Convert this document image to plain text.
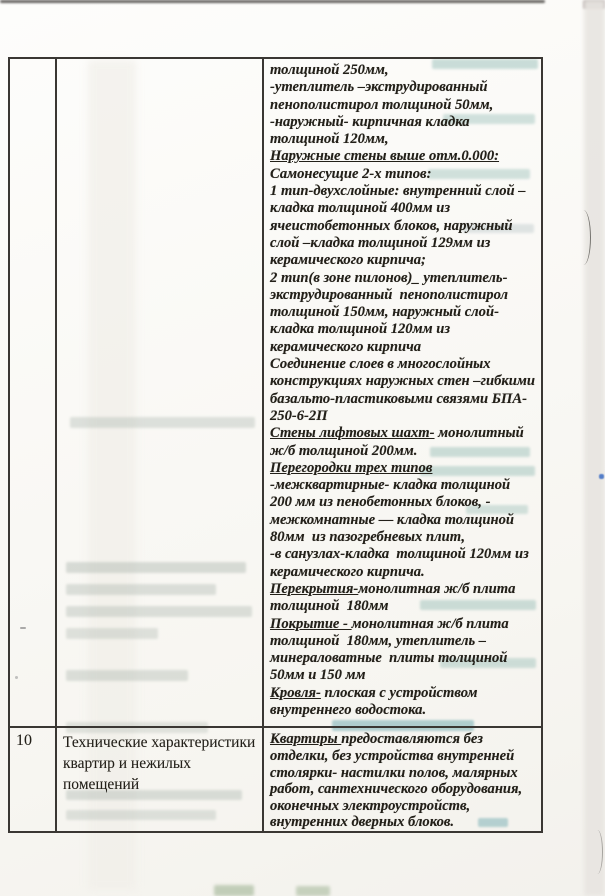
толщиной 250мм,
-утеплитель –экструдированный
пенополистирол толщиной 50мм,
-наружный- кирпичная кладка
толщиной 120мм,
Наружные стены выше отм.0.000:
Самонесущие 2-х типов:
1 тип-двухслойные: внутренний слой –
кладка толщиной 400мм из
ячеистобетонных блоков, наружный
слой –кладка толщиной 129мм из
керамического кирпича;
2 тип(в зоне пилонов)_ утеплитель-
экструдированный  пенополистирол
толщиной 150мм, наружный слой-
кладка толщиной 120мм из
керамического кирпича
Соединение слоев в многослойных
конструкциях наружных стен –гибкими
базальто-пластиковыми связями БПА-
250-6-2П
Стены лифтовых шахт- монолитный
ж/б толщиной 200мм.
Перегородки трех типов
-межквартирные- кладка толщиной
200 мм из пенобетонных блоков, -
межкомнатные — кладка толщиной
80мм  из пазогребневых плит,
-в санузлах-кладка  толщиной 120мм из
керамического кирпича.
Перекрытия-монолитная ж/б плита
толщиной  180мм
Покрытие - монолитная ж/б плита
толщиной  180мм, утеплитель –
минераловатные  плиты толщиной
50мм и 150 мм
Кровля- плоская с устройством
внутреннего водостока.
10	Технические характеристики
квартир и нежилых
помещений
Квартиры предоставляются без
отделки, без устройства внутренней
столярки- настилки полов, малярных
работ, сантехнического оборудования,
оконечных электроустройств,
внутренних дверных блоков.
